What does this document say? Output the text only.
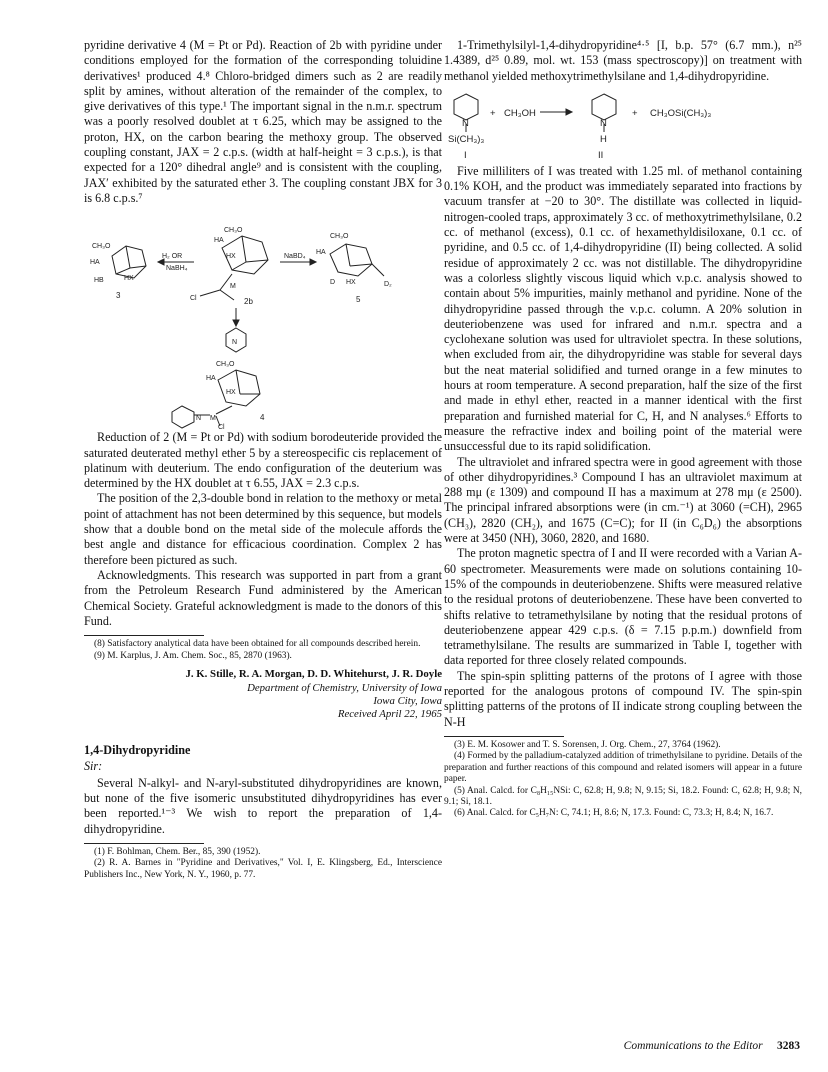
pyridine derivative 4 (M = Pt or Pd). Reaction of 2b with pyridine under conditions employed for the formation of the corresponding toluidine derivatives¹ produced 4.⁸ Chloro-bridged dimers such as 2 are readily split by amines, without alteration of the remainder of the complex, to give derivatives of this type.¹ The important signal in the n.m.r. spectrum was a poorly resolved doublet at τ 6.25, which may be assigned to the proton, HX, on the carbon bearing the methoxy group. The observed coupling constant, JAX = 2 c.p.s. (width at half-height = 3 c.p.s.), is that expected for a 120° dihedral angle⁹ and is consistent with the coupling, JAX′ exhibited by the saturated ether 3. The coupling constant JBX for 3 is 6.8 c.p.s.⁷

CH₃O
HA
HB	HX
3
H₂ OR
NaBH₄
CH₃O
HA
HX
M
Cl	2b
NaBD₄
CH₃O
HA
D HX	D₂
5
N
CH₃O
HA
HX
M
N
Cl
4

Reduction of 2 (M = Pt or Pd) with sodium borodeuteride provided the saturated deuterated methyl ether 5 by a stereospecific cis replacement of platinum with deuterium. The endo configuration of the deuterium was determined by the HX doublet at τ 6.55, JAX = 2.3 c.p.s.

The position of the 2,3-double bond in relation to the methoxy or metal point of attachment has not been determined by this sequence, but models show that a double bond on the metal side of the molecule affords the best angle and distance for efficacious coordination. Complex 2 has therefore been pictured as such.

Acknowledgments. This research was supported in part from a grant from the Petroleum Research Fund administered by the American Chemical Society. Grateful acknowledgment is made to the donors of this Fund.

(8) Satisfactory analytical data have been obtained for all compounds described herein.

(9) M. Karplus, J. Am. Chem. Soc., 85, 2870 (1963).

J. K. Stille, R. A. Morgan, D. D. Whitehurst, J. R. Doyle
Department of Chemistry, University of Iowa
Iowa City, Iowa
Received April 22, 1965
1,4-Dihydropyridine
Sir:

Several N-alkyl- and N-aryl-substituted dihydropyridines are known, but none of the five isomeric unsubstituted dihydropyridines has ever been reported.¹⁻³ We wish to report the preparation of 1,4-dihydropyridine.

(1) F. Bohlman, Chem. Ber., 85, 390 (1952).

(2) R. A. Barnes in "Pyridine and Derivatives," Vol. I, E. Klingsberg, Ed., Interscience Publishers Inc., New York, N. Y., 1960, p. 77.

1-Trimethylsilyl-1,4-dihydropyridine⁴·⁵ [I, b.p. 57° (6.7 mm.), n²⁵ 1.4389, d²⁵ 0.89, mol. wt. 153 (mass spectroscopy)] on treatment with methanol yielded methoxytrimethylsilane and 1,4-dihydropyridine.

N
Si(CH₃)₃
I
+ CH₃OH
N
H
II
+ CH₃OSi(CH₃)₃

Five milliliters of I was treated with 1.25 ml. of methanol containing 0.1% KOH, and the product was immediately separated into fractions by vacuum transfer at −20 to 30°. The distillate was collected in liquid-nitrogen-cooled traps, approximately 3 cc. of methoxytrimethylsilane, 0.2 cc. of methanol (excess), 0.1 cc. of hexamethyldisiloxane, 0.1 cc. of pyridine, and 0.5 cc. of 1,4-dihydropyridine (II) being collected. A solid residue of approximately 2 cc. was not distillable. The dihydropyridine was a colorless slightly viscous liquid which v.p.c. analysis showed to contain about 5% impurities, mainly methanol and pyridine. None of the dihydropyridine passed through the v.p.c. column. A 20% solution in deuteriobenzene was used for infrared and n.m.r. spectra and a cyclohexane solution was used for ultraviolet spectra. In these solutions, when excluded from air, the dihydropyridine was stable for several days but the neat material solidified and turned orange in a few minutes to hours at room temperature. A second preparation, half the size of the first and made in ethyl ether, reacted in a manner identical with the first preparation and furnished material for C, H, and N analyses.⁶ Efforts to measure the refractive index and boiling point of the material were unsuccessful due to its rapid solidification.

The ultraviolet and infrared spectra were in good agreement with those of other dihydropyridines.³ Compound I has an ultraviolet maximum at 288 mμ (ε 1309) and compound II has a maximum at 278 mμ (ε 2500). The principal infrared absorptions were (in cm.⁻¹) at 3060 (=CH), 2965 (CH₃), 2820 (CH₂), and 1675 (C=C); for II (in C₆D₆) the absorptions were at 3450 (NH), 3060, 2820, and 1680.

The proton magnetic spectra of I and II were recorded with a Varian A-60 spectrometer. Measurements were made on solutions containing 10-15% of the compounds in deuteriobenzene. Shifts were measured relative to the residual protons of deuteriobenzene. These have been converted to shifts relative to tetramethylsilane by noting that the residual protons of deuteriobenzene appear 429 c.p.s. (δ = 7.15 p.p.m.) downfield from tetramethylsilane. The results are summarized in Table I, together with data reported for three closely related compounds.

The spin-spin splitting patterns of the protons of I agree with those reported for the analogous protons of compound IV. The spin-spin splitting patterns of the protons of II indicate strong coupling between the N-H

(3) E. M. Kosower and T. S. Sorensen, J. Org. Chem., 27, 3764 (1962).

(4) Formed by the palladium-catalyzed addition of trimethylsilane to pyridine. Details of the preparation and further reactions of this compound and related isomers will appear in a future paper.

(5) Anal. Calcd. for C₈H₁₅NSi: C, 62.8; H, 9.8; N, 9.15; Si, 18.2. Found: C, 62.8; H, 9.8; N, 9.1; Si, 18.1.

(6) Anal. Calcd. for C₅H₇N: C, 74.1; H, 8.6; N, 17.3. Found: C, 73.3; H, 8.4; N, 16.7.

Communications to the Editor 3283
